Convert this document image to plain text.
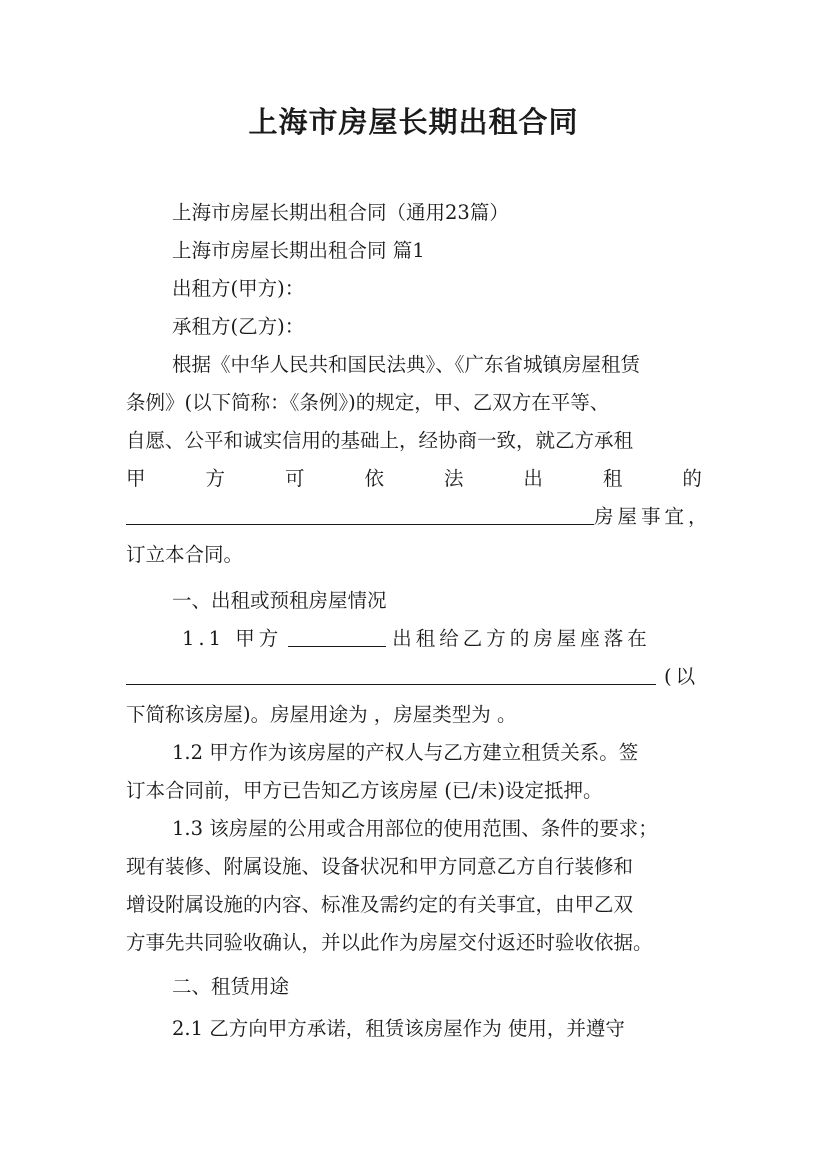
上海市房屋长期出租合同
上海市房屋长期出租合同（通用23篇）
上海市房屋长期出租合同 篇1
出租方(甲方)：
承租方(乙方)：
根据《中华人民共和国民法典》、《广东省城镇房屋租赁
条例》(以下简称：《条例》)的规定，甲、乙双方在平等、
自愿、公平和诚实信用的基础上，经协商一致，就乙方承租
甲	方	可	依	法	出	租	的
房屋事宜，
订立本合同。
一、出租或预租房屋情况
1.1 甲方	出租给乙方的房屋座落在
(以
下简称该房屋)。房屋用途为 ，房屋类型为 。
1.2 甲方作为该房屋的产权人与乙方建立租赁关系。签
订本合同前，甲方已告知乙方该房屋 (已/未)设定抵押。
1.3 该房屋的公用或合用部位的使用范围、条件的要求；
现有装修、附属设施、设备状况和甲方同意乙方自行装修和
增设附属设施的内容、标准及需约定的有关事宜，由甲乙双
方事先共同验收确认，并以此作为房屋交付返还时验收依据。
二、租赁用途
2.1 乙方向甲方承诺，租赁该房屋作为 使用，并遵守
